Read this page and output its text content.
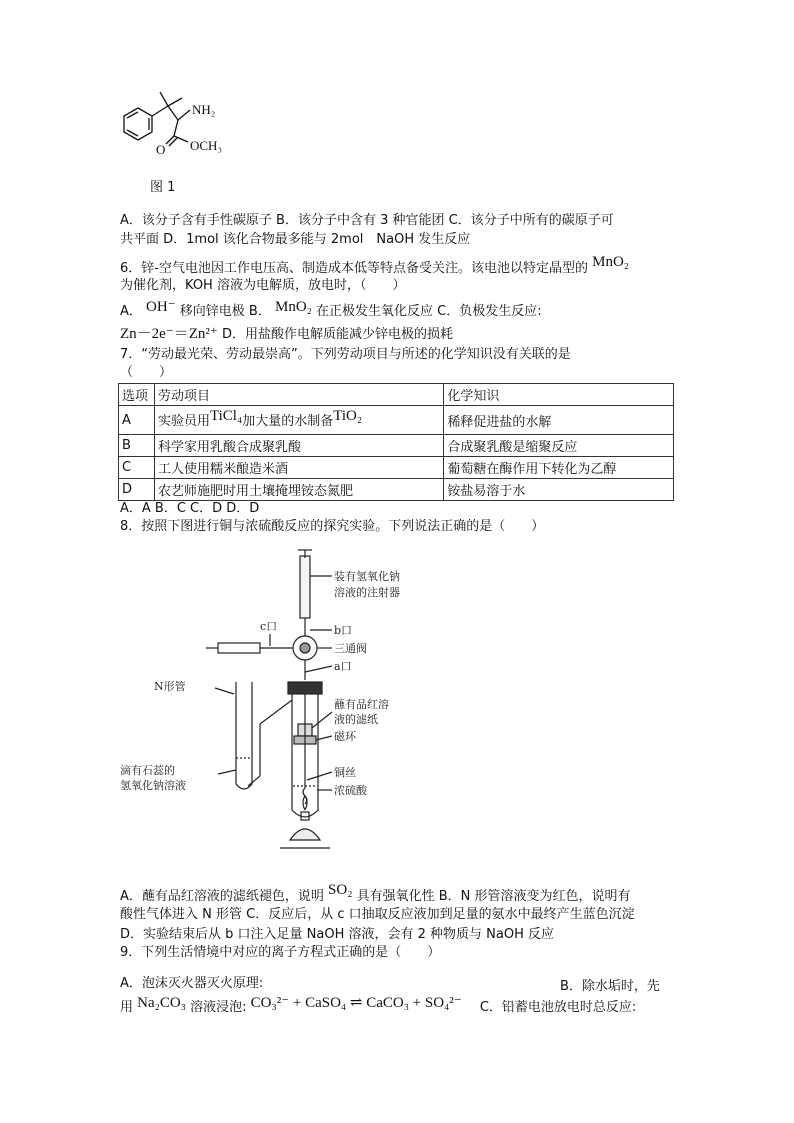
NH₂
O OCH₃
图 1
A．该分子含有手性碳原子 B．该分子中含有 3 种官能团 C．该分子中所有的碳原子可
共平面 D．1mol 该化合物最多能与 2mol　NaOH 发生反应
6．锌-空气电池因工作电压高、制造成本低等特点备受关注。该电池以特定晶型的 MnO₂
为催化剂，KOH 溶液为电解质，放电时，（　　）
A． OH⁻ 移向锌电极 B． MnO₂ 在正极发生氧化反应 C．负极发生反应:
Zn－2e⁻＝Zn²⁺ D．用盐酸作电解质能减少锌电极的损耗
7．“劳动最光荣、劳动最崇高”。下列劳动项目与所述的化学知识没有关联的是
（　　）
选项	劳动项目	化学知识
A	实验员用TiCl₄加大量的水制备TiO₂	稀释促进盐的水解
B	科学家用乳酸合成聚乳酸	合成聚乳酸是缩聚反应
C	工人使用糯米酿造米酒	葡萄糖在酶作用下转化为乙醇
D	农艺师施肥时用土壤掩埋铵态氮肥	铵盐易溶于水
A．A B．C C．D D．D
8．按照下图进行铜与浓硫酸反应的探究实验。下列说法正确的是（　　）
装有氢氧化钠
溶液的注射器
c口	b口
三通阀
a口
N形管
蘸有品红溶
液的滤纸
磁环
铜丝
浓硫酸
滴有石蕊的
氢氧化钠溶液
A．蘸有品红溶液的滤纸褪色，说明 SO₂ 具有强氧化性 B．N 形管溶液变为红色，说明有
酸性气体进入 N 形管 C．反应后，从 c 口抽取反应液加到足量的氨水中最终产生蓝色沉淀
D．实验结束后从 b 口注入足量 NaOH 溶液，会有 2 种物质与 NaOH 反应
9．下列生活情境中对应的离子方程式正确的是（　　）
A．泡沫灭火器灭火原理:	B．除水垢时，先
用 Na₂CO₃ 溶液浸泡: CO₃²⁻ + CaSO₄ ⇌ CaCO₃ + SO₄²⁻ C．铅蓄电池放电时总反应:
